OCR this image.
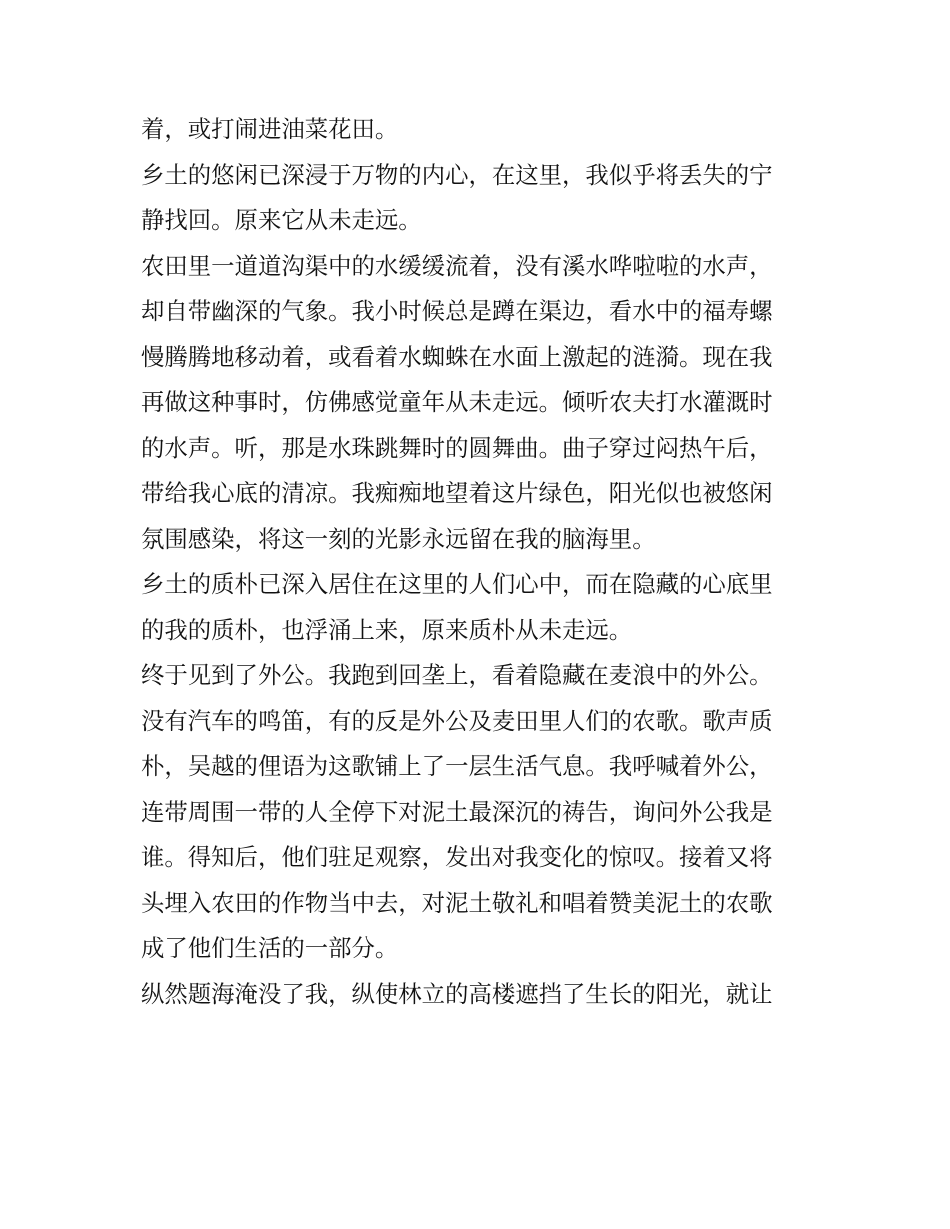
着，或打闹进油菜花田。
乡土的悠闲已深浸于万物的内心，在这里，我似乎将丢失的宁
静找回。原来它从未走远。
农田里一道道沟渠中的水缓缓流着，没有溪水哗啦啦的水声，
却自带幽深的气象。我小时候总是蹲在渠边，看水中的福寿螺
慢腾腾地移动着，或看着水蜘蛛在水面上激起的涟漪。现在我
再做这种事时，仿佛感觉童年从未走远。倾听农夫打水灌溉时
的水声。听，那是水珠跳舞时的圆舞曲。曲子穿过闷热午后，
带给我心底的清凉。我痴痴地望着这片绿色，阳光似也被悠闲
氛围感染，将这一刻的光影永远留在我的脑海里。
乡土的质朴已深入居住在这里的人们心中，而在隐藏的心底里
的我的质朴，也浮涌上来，原来质朴从未走远。
终于见到了外公。我跑到回垄上，看着隐藏在麦浪中的外公。
没有汽车的鸣笛，有的反是外公及麦田里人们的农歌。歌声质
朴，吴越的俚语为这歌铺上了一层生活气息。我呼喊着外公，
连带周围一带的人全停下对泥土最深沉的祷告，询问外公我是
谁。得知后，他们驻足观察，发出对我变化的惊叹。接着又将
头埋入农田的作物当中去，对泥土敬礼和唱着赞美泥土的农歌
成了他们生活的一部分。
纵然题海淹没了我，纵使林立的高楼遮挡了生长的阳光，就让
